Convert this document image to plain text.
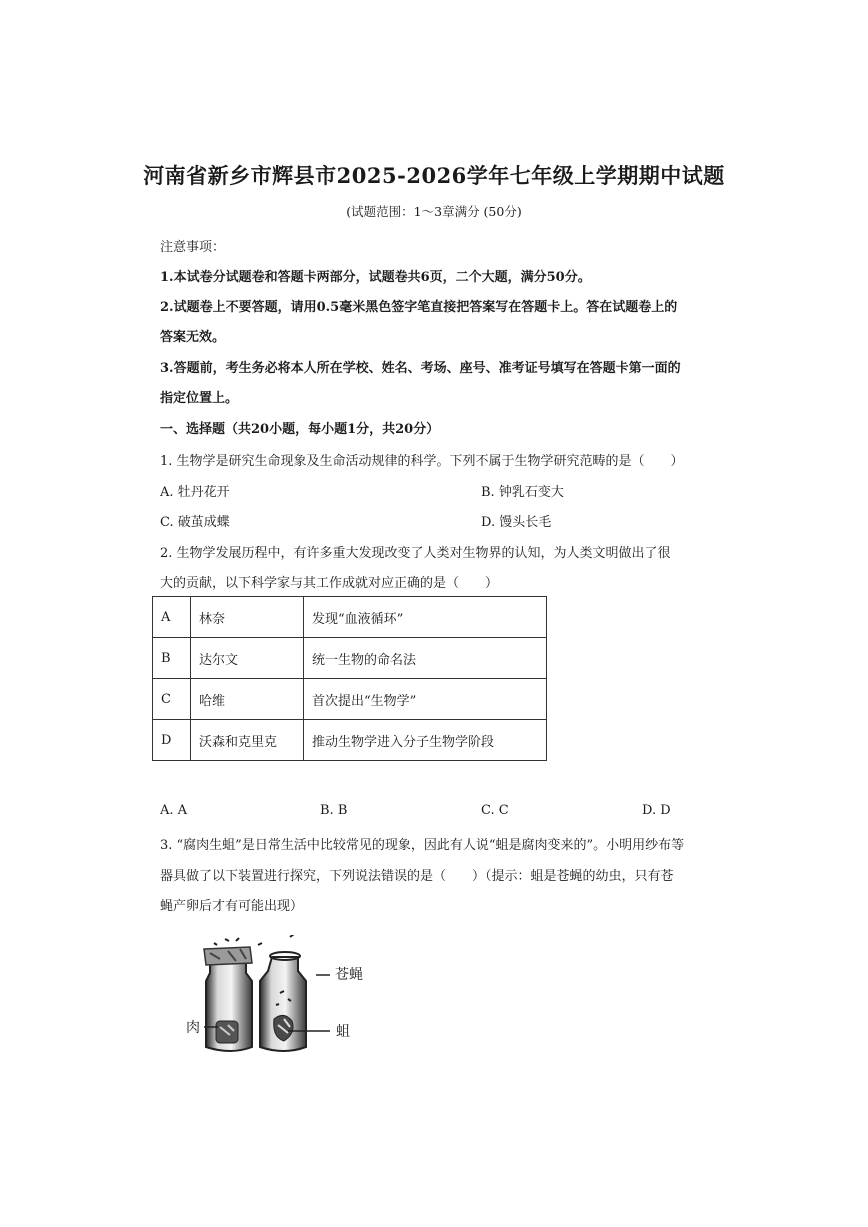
河南省新乡市辉县市2025-2026学年七年级上学期期中试题
(试题范围：1～3章满分 (50分)
注意事项：
1.本试卷分试题卷和答题卡两部分，试题卷共6页，二个大题，满分50分。
2.试题卷上不要答题，请用0.5毫米黑色签字笔直接把答案写在答题卡上。答在试题卷上的
答案无效。
3.答题前，考生务必将本人所在学校、姓名、考场、座号、准考证号填写在答题卡第一面的
指定位置上。
一、选择题（共20小题，每小题1分，共20分）
1. 生物学是研究生命现象及生命活动规律的科学。下列不属于生物学研究范畴的是（　　）
A. 牡丹花开	B. 钟乳石变大
C. 破茧成蝶	D. 馒头长毛
2. 生物学发展历程中，有许多重大发现改变了人类对生物界的认知，为人类文明做出了很
大的贡献，以下科学家与其工作成就对应正确的是（　　）
A	林奈	发现“血液循环”
B	达尔文	统一生物的命名法
C	哈维	首次提出“生物学”
D	沃森和克里克	推动生物学进入分子生物学阶段
A. A	B. B	C. C	D. D
3. “腐肉生蛆”是日常生活中比较常见的现象，因此有人说“蛆是腐肉变来的”。小明用纱布等
器具做了以下装置进行探究，下列说法错误的是（　　）（提示：蛆是苍蝇的幼虫，只有苍
蝇产卵后才有可能出现）
苍蝇
肉	蛆
